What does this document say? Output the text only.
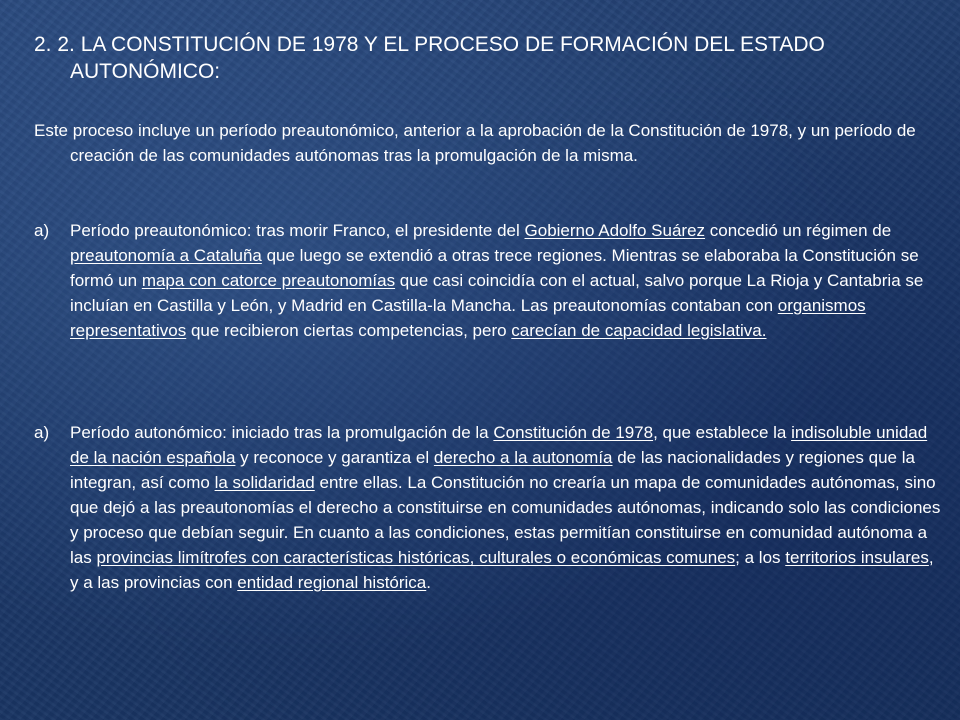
2. 2. LA CONSTITUCIÓN DE 1978 Y EL PROCESO DE FORMACIÓN DEL ESTADO AUTONÓMICO:

Este proceso incluye un período preautonómico, anterior a la aprobación de la Constitución de 1978, y un período de creación de las comunidades autónomas tras la promulgación de la misma.

a)	Período preautonómico: tras morir Franco, el presidente del Gobierno Adolfo Suárez concedió un régimen de preautonomía a Cataluña que luego se extendió a otras trece regiones. Mientras se elaboraba la Constitución se formó un mapa con catorce preautonomías que casi coincidía con el actual, salvo porque La Rioja y Cantabria se incluían en Castilla y León, y Madrid en Castilla-la Mancha. Las preautonomías contaban con organismos representativos que recibieron ciertas competencias, pero carecían de capacidad legislativa.
a)	Período autonómico: iniciado tras la promulgación de la Constitución de 1978, que establece la indisoluble unidad de la nación española y reconoce y garantiza el derecho a la autonomía de las nacionalidades y regiones que la integran, así como la solidaridad entre ellas. La Constitución no crearía un mapa de comunidades autónomas, sino que dejó a las preautonomías el derecho a constituirse en comunidades autónomas, indicando solo las condiciones y proceso que debían seguir. En cuanto a las condiciones, estas permitían constituirse en comunidad autónoma a las provincias limítrofes con características históricas, culturales o económicas comunes; a los territorios insulares, y a las provincias con entidad regional histórica.
